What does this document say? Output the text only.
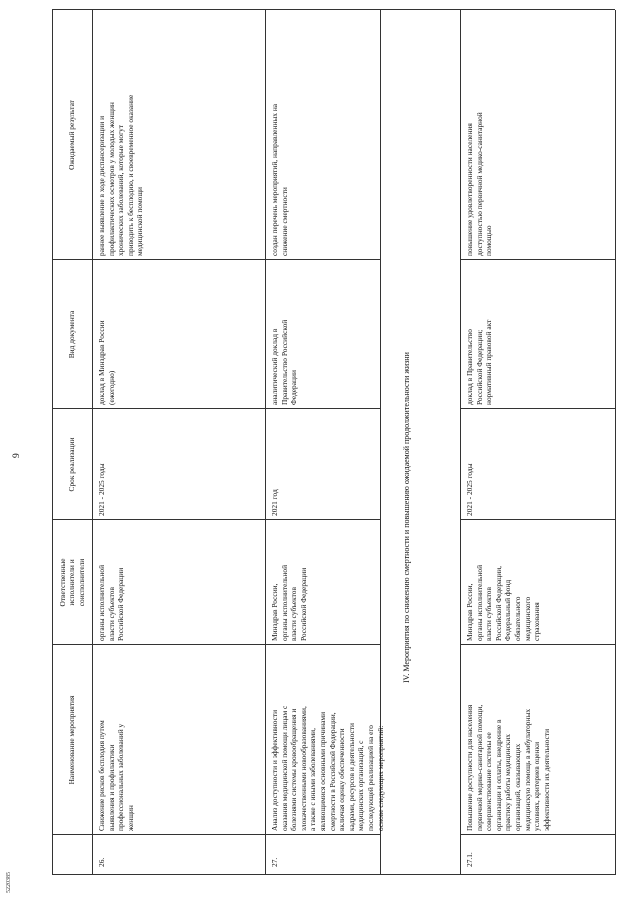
9
Наименование мероприятия
Ответственные исполнители и соисполнители
Срок реализации
Вид документа
Ожидаемый результат
26.
Снижение рисков бесплодия путем выявления и профилактики профессиональных заболеваний у женщин
органы исполнительной власти субъектов Российской Федерации
2021 - 2025 годы
доклад в Минздрав России (ежегодно)
раннее выявление в ходе диспансеризации и профилактических осмотров у молодых женщин хронических заболеваний, которые могут приводить к бесплодию, и своевременное оказание медицинской помощи
27.
Анализ доступности и эффективности оказания медицинской помощи лицам с болезнями системы кровообращения и злокачественными новообразованиями, а также с иными заболеваниями, являющимися основными причинами смертности в Российской Федерации, включая оценку обеспеченности кадрами, ресурсов и деятельности медицинских организаций, с последующей реализацией на его основе следующих мероприятий:
Минздрав России, органы исполнительной власти субъектов Российской Федерации
2021 год
аналитический доклад в Правительство Российской Федерации
создан перечень мероприятий, направленных на снижение смертности
27.1.
Повышение доступности для населения первичной медико-санитарной помощи, совершенствование системы ее организации и оплаты, внедрение в практику работы медицинских организаций, оказывающих медицинскую помощь в амбулаторных условиях, критериев оценки эффективности их деятельности
Минздрав России, органы исполнительной власти субъектов Российской Федерации, Федеральный фонд обязательного медицинского страхования
2021 - 2025 годы
доклад в Правительство Российской Федерации; нормативный правовой акт
повышение удовлетворенности населения доступностью первичной медико-санитарной помощью
IV. Мероприятия по снижению смертности и повышению ожидаемой продолжительности жизни
5220385
